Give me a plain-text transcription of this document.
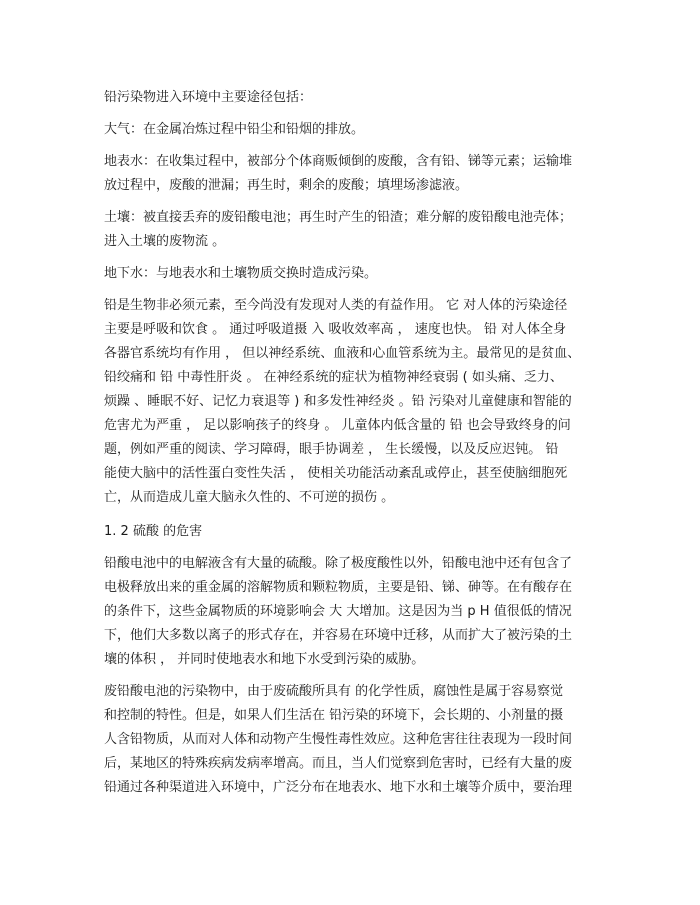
铅污染物进入环境中主要途径包括：
大气：在金属冶炼过程中铅尘和铅烟的排放。
地表水：在收集过程中，被部分个体商贩倾倒的废酸，含有铅、锑等元素；运输堆
放过程中，废酸的泄漏；再生时，剩余的废酸；填埋场渗滤液。
土壤：被直接丢弃的废铅酸电池；再生时产生的铅渣；难分解的废铅酸电池壳体；
进入土壤的废物流 。
地下水：与地表水和土壤物质交换时造成污染。
铅是生物非必须元素，至今尚没有发现对人类的有益作用。 它 对人体的污染途径
主要是呼吸和饮食 。 通过呼吸道摄 入 吸收效率高 ， 速度也快。 铅 对人体全身
各器官系统均有作用 ， 但以神经系统、血液和心血管系统为主。最常见的是贫血、
铅绞痛和 铅 中毒性肝炎 。 在神经系统的症状为植物神经衰弱 ( 如头痛、乏力、
烦躁 、睡眠不好、记忆力衰退等 ) 和多发性神经炎 。铅 污染对儿童健康和智能的
危害尤为严重 ， 足以影响孩子的终身 。 儿童体内低含量的 铅 也会导致终身的问
题，例如严重的阅读、学习障碍，眼手协调差 ， 生长缓慢，以及反应迟钝。 铅
能使大脑中的活性蛋白变性失活 ， 使相关功能活动紊乱或停止，甚至使脑细胞死
亡，从而造成儿童大脑永久性的、不可逆的损伤 。
1. 2 硫酸 的危害
铅酸电池中的电解液含有大量的硫酸。除了极度酸性以外，铅酸电池中还有包含了
电极释放出来的重金属的溶解物质和颗粒物质，主要是铅、锑、砷等。在有酸存在
的条件下，这些金属物质的环境影响会 大 大增加。这是因为当 p H 值很低的情况
下，他们大多数以离子的形式存在，并容易在环境中迁移，从而扩大了被污染的土
壤的体积 ， 并同时使地表水和地下水受到污染的威胁。
废铅酸电池的污染物中，由于废硫酸所具有 的化学性质，腐蚀性是属于容易察觉
和控制的特性。但是，如果人们生活在 铅污染的环境下，会长期的、小剂量的摄
人含铅物质，从而对人体和动物产生慢性毒性效应。这种危害往往表现为一段时间
后，某地区的特殊疾病发病率增高。而且，当人们觉察到危害时，已经有大量的废
铅通过各种渠道进入环境中，广泛分布在地表水、地下水和土壤等介质中，要治理
